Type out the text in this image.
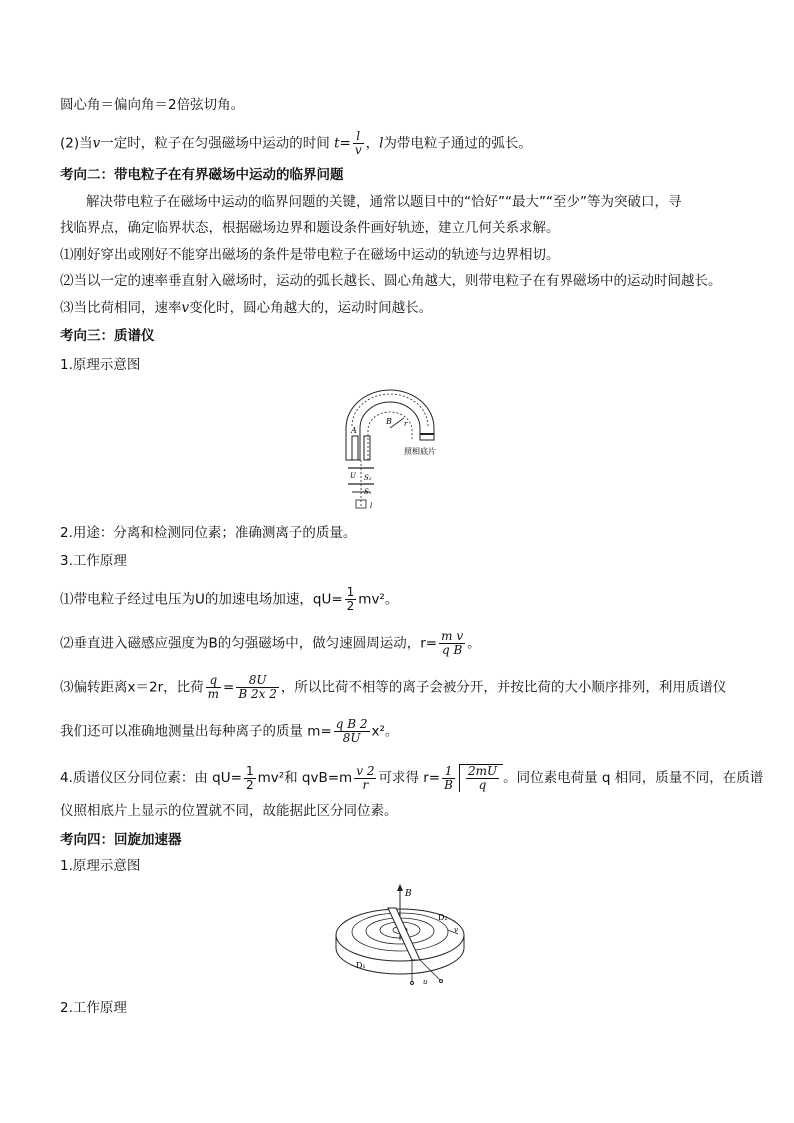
圆心角＝偏向角＝2倍弦切角。
(2)当v一定时，粒子在匀强磁场中运动的时间 $t= \frac{l}{v}$ ，l为带电粒子通过的弧长。
考向二：带电粒子在有界磁场中运动的临界问题
解决带电粒子在磁场中运动的临界问题的关键，通常以题目中的“恰好”“最大”“至少”等为突破口，寻
找临界点，确定临界状态，根据磁场边界和题设条件画好轨迹，建立几何关系求解。
⑴刚好穿出或刚好不能穿出磁场的条件是带电粒子在磁场中运动的轨迹与边界相切。
⑵当以一定的速率垂直射入磁场时，运动的弧长越长、圆心角越大，则带电粒子在有界磁场中的运动时间越长。
⑶当比荷相同，速率v变化时，圆心角越大的，运动时间越长。
考向三：质谱仪
1.原理示意图
B
A
r
照相底片
U S₂
S₁
l
2.用途：分离和检测同位素；准确测离子的质量。
3.工作原理
⑴带电粒子经过电压为U的加速电场加速，$qU= \frac{1}{2} mv^2$。
⑵垂直进入磁感应强度为B的匀强磁场中，做匀速圆周运动，$r= \frac{\text{m v}}{\text{q B}}$ 。
⑶偏转距离x＝2r，比荷 $\frac{q}{m} = \frac{8U}{B 2x 2}$ ，所以比荷不相等的离子会被分开，并按比荷的大小顺序排列，利用质谱仪
我们还可以准确地测量出每种离子的质量 $m= \frac{\text{q B 2}}{8U} x^2$。
4.质谱仪区分同位素：由 $qU= \frac{1}{2} mv^2$和 $qvB=m \frac{v 2}{r}$ 可求得 $r= \frac{1}{B} \frac{2mU}{q}$ 。同位素电荷量 q 相同，质量不同，在质谱
仪照相底片上显示的位置就不同，故能据此区分同位素。
考向四：回旋加速器
1.原理示意图
B
D₂
D₁
v
u
2.工作原理
